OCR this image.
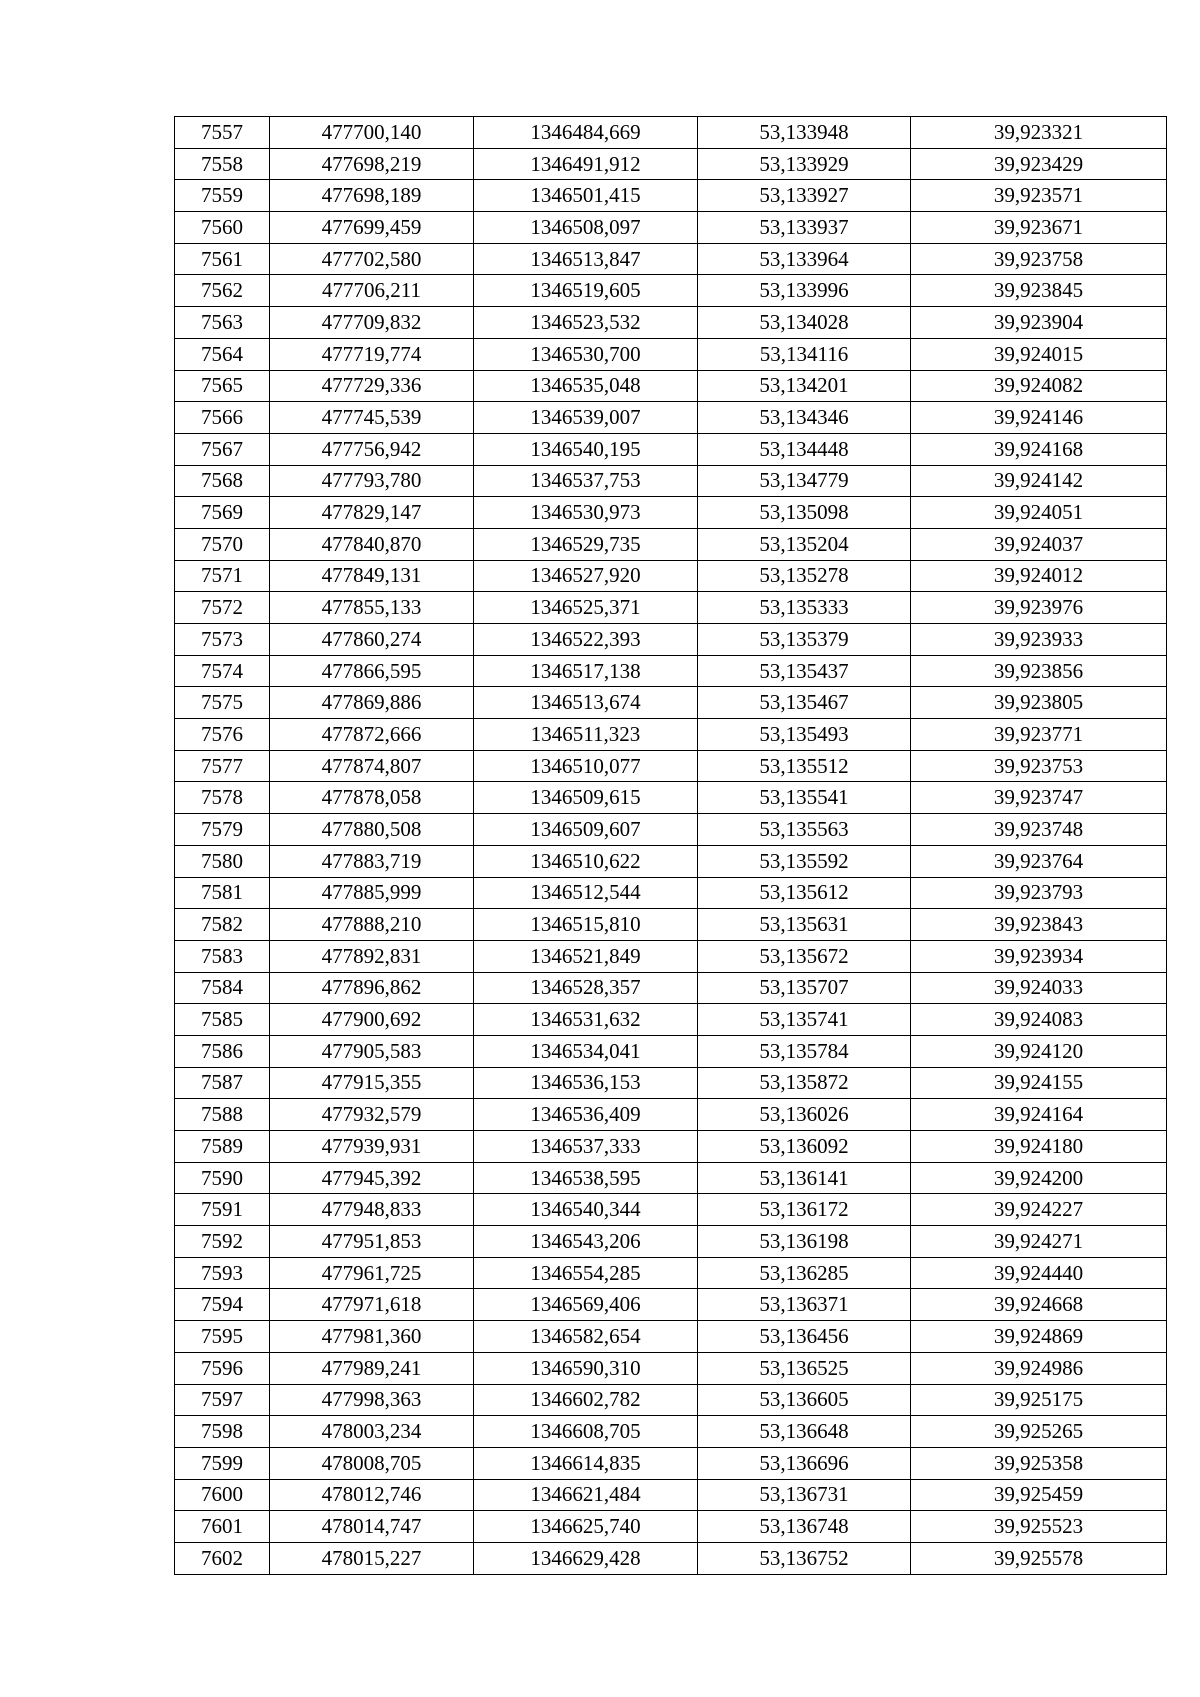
7557	477700,140	1346484,669	53,133948	39,923321
7558	477698,219	1346491,912	53,133929	39,923429
7559	477698,189	1346501,415	53,133927	39,923571
7560	477699,459	1346508,097	53,133937	39,923671
7561	477702,580	1346513,847	53,133964	39,923758
7562	477706,211	1346519,605	53,133996	39,923845
7563	477709,832	1346523,532	53,134028	39,923904
7564	477719,774	1346530,700	53,134116	39,924015
7565	477729,336	1346535,048	53,134201	39,924082
7566	477745,539	1346539,007	53,134346	39,924146
7567	477756,942	1346540,195	53,134448	39,924168
7568	477793,780	1346537,753	53,134779	39,924142
7569	477829,147	1346530,973	53,135098	39,924051
7570	477840,870	1346529,735	53,135204	39,924037
7571	477849,131	1346527,920	53,135278	39,924012
7572	477855,133	1346525,371	53,135333	39,923976
7573	477860,274	1346522,393	53,135379	39,923933
7574	477866,595	1346517,138	53,135437	39,923856
7575	477869,886	1346513,674	53,135467	39,923805
7576	477872,666	1346511,323	53,135493	39,923771
7577	477874,807	1346510,077	53,135512	39,923753
7578	477878,058	1346509,615	53,135541	39,923747
7579	477880,508	1346509,607	53,135563	39,923748
7580	477883,719	1346510,622	53,135592	39,923764
7581	477885,999	1346512,544	53,135612	39,923793
7582	477888,210	1346515,810	53,135631	39,923843
7583	477892,831	1346521,849	53,135672	39,923934
7584	477896,862	1346528,357	53,135707	39,924033
7585	477900,692	1346531,632	53,135741	39,924083
7586	477905,583	1346534,041	53,135784	39,924120
7587	477915,355	1346536,153	53,135872	39,924155
7588	477932,579	1346536,409	53,136026	39,924164
7589	477939,931	1346537,333	53,136092	39,924180
7590	477945,392	1346538,595	53,136141	39,924200
7591	477948,833	1346540,344	53,136172	39,924227
7592	477951,853	1346543,206	53,136198	39,924271
7593	477961,725	1346554,285	53,136285	39,924440
7594	477971,618	1346569,406	53,136371	39,924668
7595	477981,360	1346582,654	53,136456	39,924869
7596	477989,241	1346590,310	53,136525	39,924986
7597	477998,363	1346602,782	53,136605	39,925175
7598	478003,234	1346608,705	53,136648	39,925265
7599	478008,705	1346614,835	53,136696	39,925358
7600	478012,746	1346621,484	53,136731	39,925459
7601	478014,747	1346625,740	53,136748	39,925523
7602	478015,227	1346629,428	53,136752	39,925578
